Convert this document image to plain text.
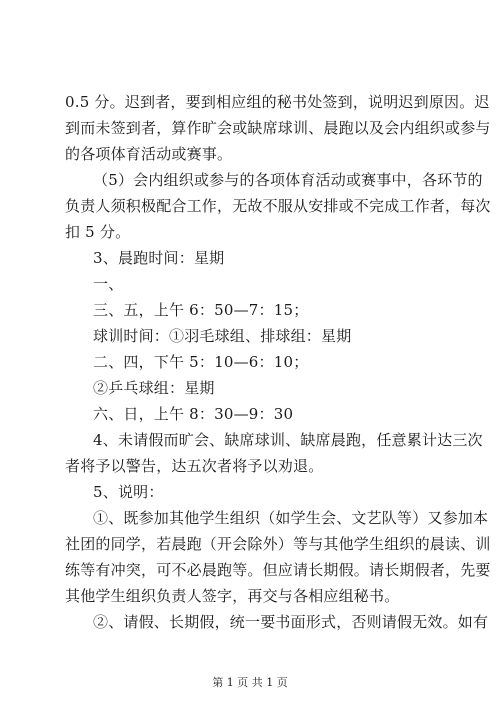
0.5 分。迟到者，要到相应组的秘书处签到，说明迟到原因。迟
到而未签到者，算作旷会或缺席球训、晨跑以及会内组织或参与
的各项体育活动或赛事。
（5）会内组织或参与的各项体育活动或赛事中，各环节的
负责人须积极配合工作，无故不服从安排或不完成工作者，每次
扣 5 分。
3、晨跑时间：星期
一、
三、五，上午 6：50—7：15；
球训时间：①羽毛球组、排球组：星期
二、四，下午 5：10—6：10；
②乒乓球组：星期
六、日，上午 8：30—9：30
4、未请假而旷会、缺席球训、缺席晨跑，任意累计达三次
者将予以警告，达五次者将予以劝退。
5、说明：
①、既参加其他学生组织（如学生会、文艺队等）又参加本
社团的同学，若晨跑（开会除外）等与其他学生组织的晨读、训
练等有冲突，可不必晨跑等。但应请长期假。请长期假者，先要
其他学生组织负责人签字，再交与各相应组秘书。
②、请假、长期假，统一要书面形式，否则请假无效。如有
第 1 页 共 1 页
